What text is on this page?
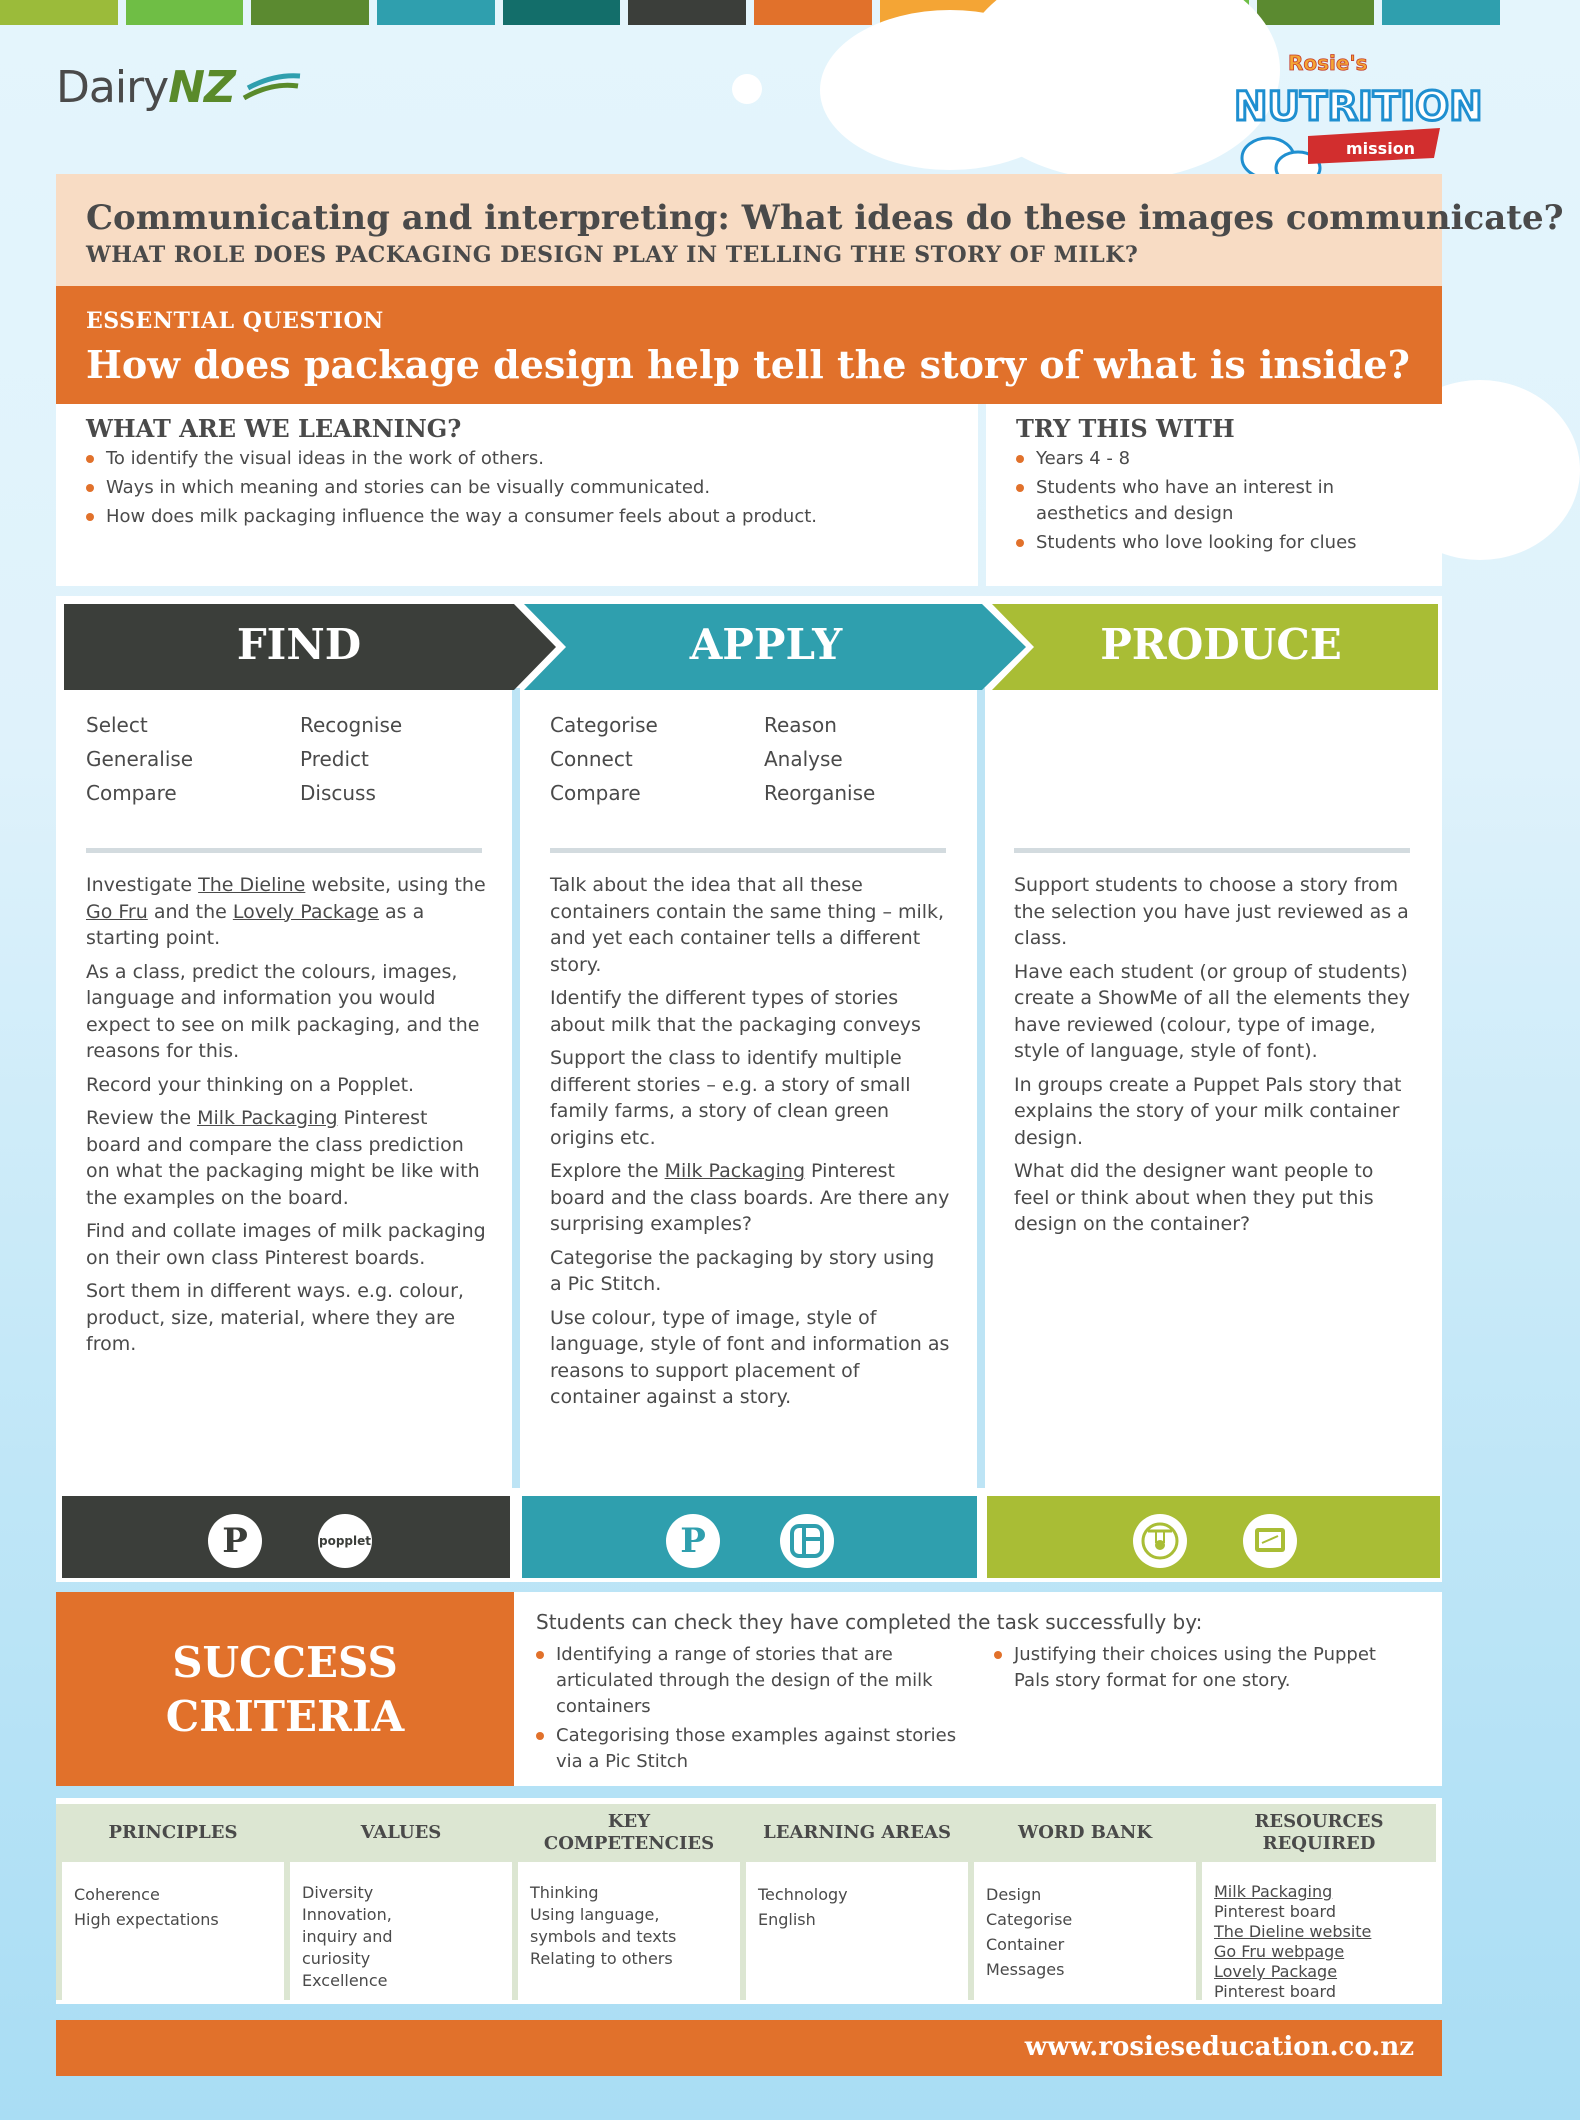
DairyNZ	Rosie's
NUTRITION
mission
Communicating and interpreting: What ideas do these images communicate?
WHAT ROLE DOES PACKAGING DESIGN PLAY IN TELLING THE STORY OF MILK?
ESSENTIAL QUESTION
How does package design help tell the story of what is inside?
WHAT ARE WE LEARNING?
To identify the visual ideas in the work of others.
Ways in which meaning and stories can be visually communicated.
How does milk packaging influence the way a consumer feels about a product.
TRY THIS WITH
Years 4 - 8
Students who have an interest in aesthetics and design
Students who love looking for clues
FIND	APPLY	PRODUCE
Select	Recognise
Generalise	Predict
Compare	Discuss

Investigate The Dieline website, using the Go Fru and the Lovely Package as a starting point.

As a class, predict the colours, images, language and information you would expect to see on milk packaging, and the reasons for this.

Record your thinking on a Popplet.

Review the Milk Packaging Pinterest board and compare the class prediction on what the packaging might be like with the examples on the board.

Find and collate images of milk packaging on their own class Pinterest boards.

Sort them in different ways. e.g. colour, product, size, material, where they are from.

Categorise	Reason
Connect	Analyse
Compare	Reorganise

Talk about the idea that all these containers contain the same thing – milk, and yet each container tells a different story.

Identify the different types of stories about milk that the packaging conveys

Support the class to identify multiple different stories – e.g. a story of small family farms, a story of clean green origins etc.

Explore the Milk Packaging Pinterest board and the class boards. Are there any surprising examples?

Categorise the packaging by story using a Pic Stitch.

Use colour, type of image, style of language, style of font and information as reasons to support placement of container against a story.

Support students to choose a story from the selection you have just reviewed as a class.

Have each student (or group of students) create a ShowMe of all the elements they have reviewed (colour, type of image, style of language, style of font).

In groups create a Puppet Pals story that explains the story of your milk container design.

What did the designer want people to feel or think about when they put this design on the container?

P	popplet	P
SUCCESS
CRITERIA
Students can check they have completed the task successfully by:
Identifying a range of stories that are articulated through the design of the milk containers
Categorising those examples against stories via a Pic Stitch
Justifying their choices using the Puppet Pals story format for one story.
PRINCIPLES
Coherence
High expectations
VALUES
Diversity
Innovation, inquiry and curiosity
Excellence
KEY COMPETENCIES
Thinking
Using language, symbols and texts
Relating to others
LEARNING AREAS
Technology
English
WORD BANK
Design
Categorise
Container
Messages
RESOURCES REQUIRED
Milk Packaging
Pinterest board
The Dieline website
Go Fru webpage
Lovely Package
Pinterest board
www.rosieseducation.co.nz
